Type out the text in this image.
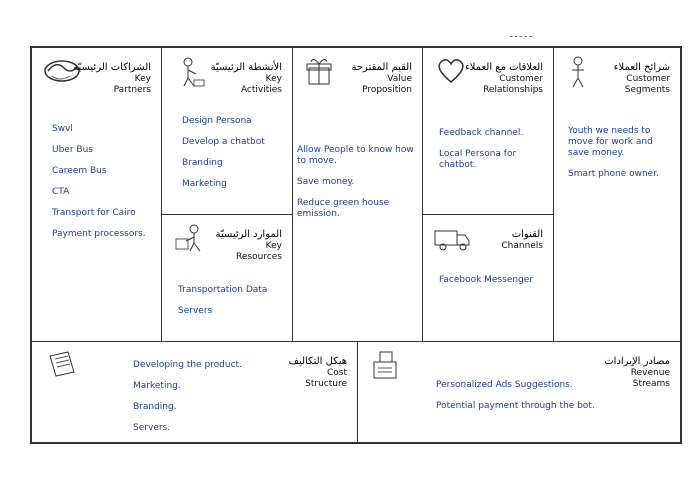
ـ ـ ـ ـ ـ
الشراكات الرئيسيّة
Key
Partners
Swvl
Uber Bus
Careem Bus
CTA
Transport for Cairo
Payment processors.
الأنشطة الرئيسيّة
Key
Activities
Design Persona
Develop a chatbot
Branding
Marketing
الموارد الرئيسيّة
Key
Resources
Transportation Data
Servers
القيم المقترحة
Value
Proposition
Allow People to know how to move.
Save money.
Reduce green house emission.
العلاقات مع العملاء
Customer
Relationships
Feedback channel.
Local Persona for chatbot.
القنوات
Channels
Facebook Messenger
شرائح العملاء
Customer
Segments
Youth we needs to move for work and save money.
Smart phone owner.
هيكل التكاليف
Cost
Structure
Developing the product.
Marketing.
Branding.
Servers.
مصادر الإيرادات
Revenue
Streams
Personalized Ads Suggestions.
Potential payment through the bot.
